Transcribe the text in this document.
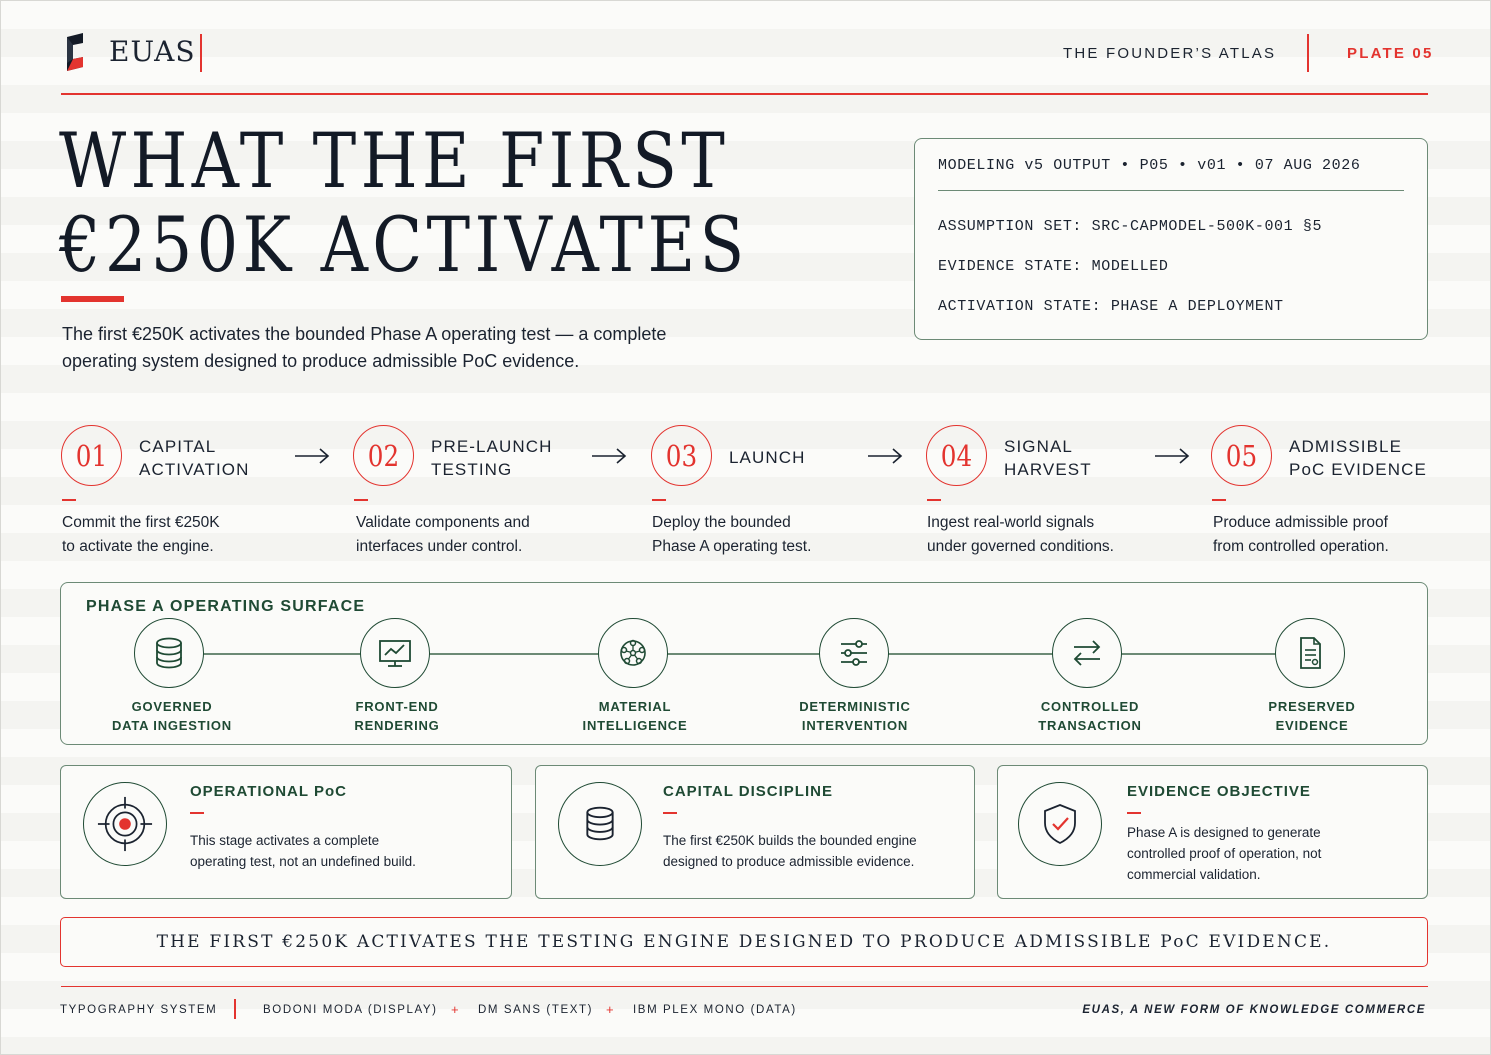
EUAS	THE FOUNDER’S ATLAS	PLATE 05
WHAT THE FIRST
€250K ACTIVATES
The first €250K activates the bounded Phase A operating test — a complete operating system designed to produce admissible PoC evidence.
MODELING v5 OUTPUT • P05 • v01 • 07 AUG 2026
ASSUMPTION SET: SRC-CAPMODEL-500K-001 §5
EVIDENCE STATE: MODELLED
ACTIVATION STATE: PHASE A DEPLOYMENT
01 CAPITAL
ACTIVATION
Commit the first €250K
to activate the engine.
02 PRE-LAUNCH
TESTING
Validate components and
interfaces under control.
03 LAUNCH
Deploy the bounded
Phase A operating test.
04 SIGNAL
HARVEST
Ingest real-world signals
under governed conditions.
05 ADMISSIBLE
PoC EVIDENCE
Produce admissible proof
from controlled operation.
PHASE A OPERATING SURFACE
GOVERNED
DATA INGESTION
FRONT-END
RENDERING
MATERIAL
INTELLIGENCE
DETERMINISTIC
INTERVENTION
CONTROLLED
TRANSACTION
PRESERVED
EVIDENCE
OPERATIONAL PoC
This stage activates a complete
operating test, not an undefined build.
CAPITAL DISCIPLINE
The first €250K builds the bounded engine
designed to produce admissible evidence.
EVIDENCE OBJECTIVE
Phase A is designed to generate
controlled proof of operation, not
commercial validation.
THE FIRST €250K ACTIVATES THE TESTING ENGINE DESIGNED TO PRODUCE ADMISSIBLE PoC EVIDENCE.
TYPOGRAPHY SYSTEM	BODONI MODA (DISPLAY) + DM SANS (TEXT) + IBM PLEX MONO (DATA)	EUAS, A NEW FORM OF KNOWLEDGE COMMERCE
